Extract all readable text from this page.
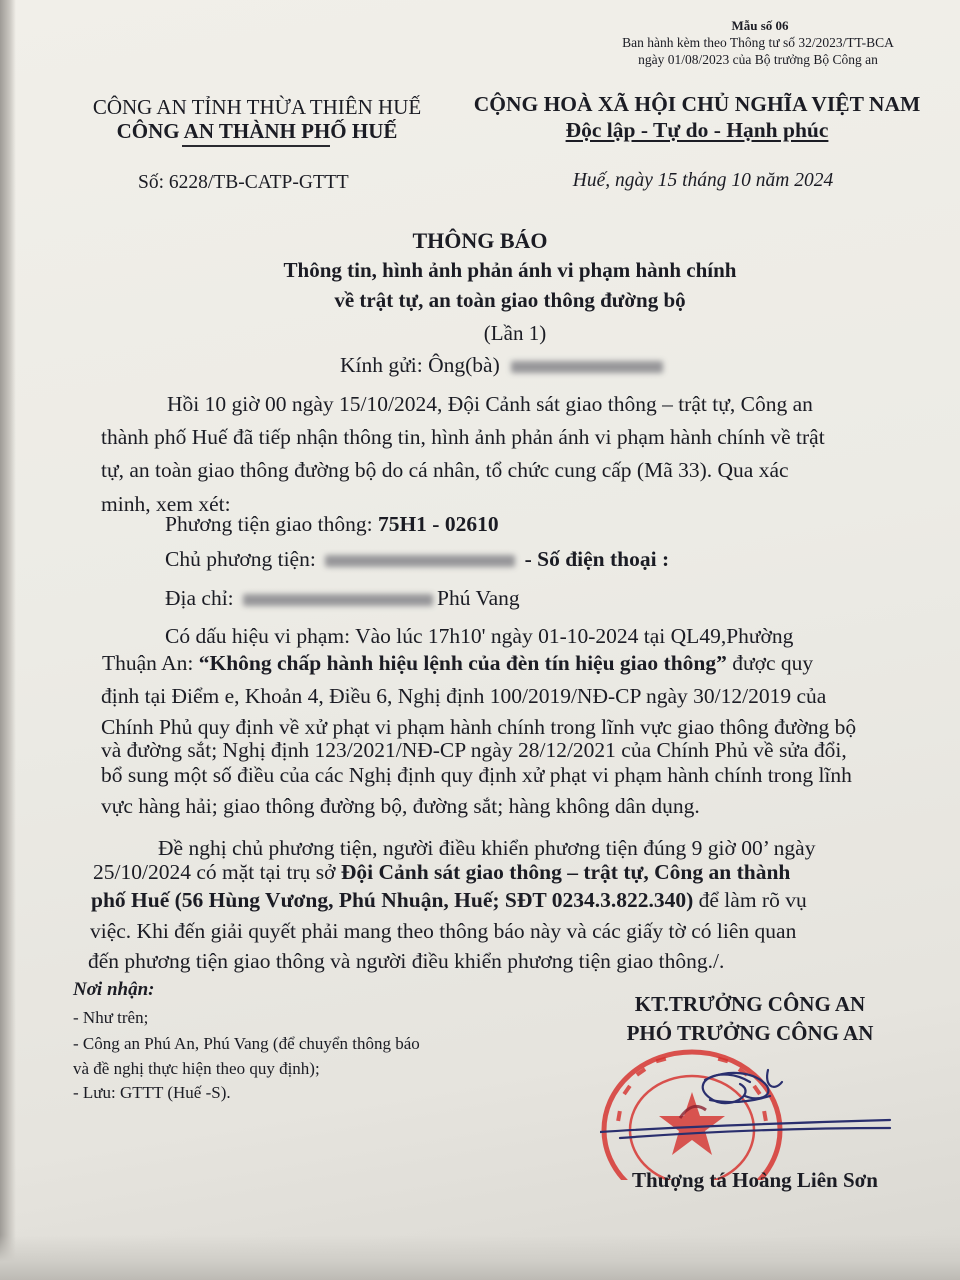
Mẫu số 06
Ban hành kèm theo Thông tư số 32/2023/TT-BCA
ngày 01/08/2023 của Bộ trưởng Bộ Công an
CÔNG AN TỈNH THỪA THIÊN HUẾ
CÔNG AN THÀNH PHỐ HUẾ
Số: 6228/TB-CATP-GTTT
CỘNG HOÀ XÃ HỘI CHỦ NGHĨA VIỆT NAM
Độc lập - Tự do - Hạnh phúc
Huế, ngày 15 tháng 10 năm 2024
THÔNG BÁO
Thông tin, hình ảnh phản ánh vi phạm hành chính
về trật tự, an toàn giao thông đường bộ
(Lần 1)
Kính gửi: Ông(bà)
Hồi 10 giờ 00 ngày 15/10/2024, Đội Cảnh sát giao thông – trật tự, Công an
thành phố Huế đã tiếp nhận thông tin, hình ảnh phản ánh vi phạm hành chính về trật
tự, an toàn giao thông đường bộ do cá nhân, tổ chức cung cấp (Mã 33). Qua xác
minh, xem xét:
Phương tiện giao thông: 75H1 - 02610
Chủ phương tiện:	- Số điện thoại :
Địa chỉ:	Phú Vang
Có dấu hiệu vi phạm: Vào lúc 17h10' ngày 01-10-2024 tại QL49,Phường
Thuận An: “Không chấp hành hiệu lệnh của đèn tín hiệu giao thông” được quy
định tại Điểm e, Khoản 4, Điều 6, Nghị định 100/2019/NĐ-CP ngày 30/12/2019 của
Chính Phủ quy định về xử phạt vi phạm hành chính trong lĩnh vực giao thông đường bộ
và đường sắt; Nghị định 123/2021/NĐ-CP ngày 28/12/2021 của Chính Phủ về sửa đổi,
bổ sung một số điều của các Nghị định quy định xử phạt vi phạm hành chính trong lĩnh
vực hàng hải; giao thông đường bộ, đường sắt; hàng không dân dụng.
Đề nghị chủ phương tiện, người điều khiển phương tiện đúng 9 giờ 00’ ngày
25/10/2024 có mặt tại trụ sở Đội Cảnh sát giao thông – trật tự, Công an thành
phố Huế (56 Hùng Vương, Phú Nhuận, Huế; SĐT 0234.3.822.340) để làm rõ vụ
việc. Khi đến giải quyết phải mang theo thông báo này và các giấy tờ có liên quan
đến phương tiện giao thông và người điều khiển phương tiện giao thông./.
Nơi nhận:
- Như trên;
- Công an Phú An, Phú Vang (để chuyển thông báo
và đề nghị thực hiện theo quy định);
- Lưu: GTTT (Huế -S).
KT.TRƯỞNG CÔNG AN
PHÓ TRƯỞNG CÔNG AN
Thượng tá Hoàng Liên Sơn
